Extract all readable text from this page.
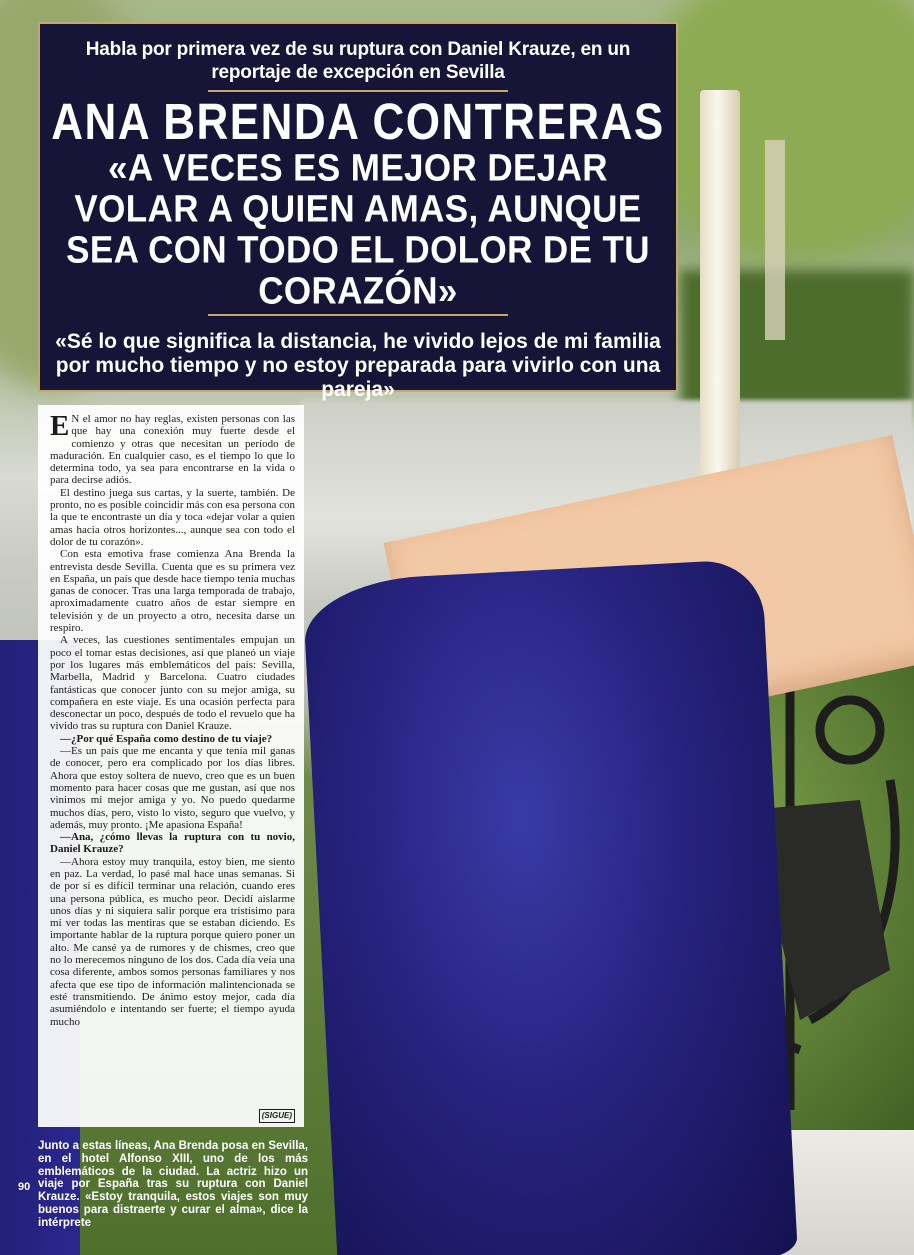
Habla por primera vez de su ruptura con Daniel Krauze, en un reportaje de excepción en Sevilla
ANA BRENDA CONTRERAS
«A VECES ES MEJOR DEJAR VOLAR A QUIEN AMAS, AUNQUE SEA CON TODO EL DOLOR DE TU CORAZÓN»
«Sé lo que significa la distancia, he vivido lejos de mi familia por mucho tiempo y no estoy preparada para vivirlo con una pareja»

E N el amor no hay reglas, existen personas con las que hay una conexión muy fuerte desde el comienzo y otras que necesitan un período de maduración. En cualquier caso, es el tiempo lo que lo determina todo, ya sea para encontrarse en la vida o para decirse adiós.

El destino juega sus cartas, y la suerte, también. De pronto, no es posible coincidir más con esa persona con la que te encontraste un día y toca «dejar volar a quien amas hacia otros horizontes..., aunque sea con todo el dolor de tu corazón».

Con esta emotiva frase comienza Ana Brenda la entrevista desde Sevilla. Cuenta que es su primera vez en España, un país que desde hace tiempo tenía muchas ganas de conocer. Tras una larga temporada de trabajo, aproximadamente cuatro años de estar siempre en televisión y de un proyecto a otro, necesita darse un respiro.

A veces, las cuestiones sentimentales empujan un poco el tomar estas decisiones, así que planeó un viaje por los lugares más emblemáticos del país: Sevilla, Marbella, Madrid y Barcelona. Cuatro ciudades fantásticas que conocer junto con su mejor amiga, su compañera en este viaje. Es una ocasión perfecta para desconectar un poco, después de todo el revuelo que ha vivido tras su ruptura con Daniel Krauze.

—¿Por qué España como destino de tu viaje?

—Es un país que me encanta y que tenía mil ganas de conocer, pero era complicado por los días libres. Ahora que estoy soltera de nuevo, creo que es un buen momento para hacer cosas que me gustan, así que nos vinimos mi mejor amiga y yo. No puedo quedarme muchos días, pero, visto lo visto, seguro que vuelvo, y además, muy pronto. ¡Me apasiona España!

—Ana, ¿cómo llevas la ruptura con tu novio, Daniel Krauze?

—Ahora estoy muy tranquila, estoy bien, me siento en paz. La verdad, lo pasé mal hace unas semanas. Si de por sí es difícil terminar una relación, cuando eres una persona pública, es mucho peor. Decidí aislarme unos días y ni siquiera salir porque era tristísimo para mí ver todas las mentiras que se estaban diciendo. Es importante hablar de la ruptura porque quiero poner un alto. Me cansé ya de rumores y de chismes, creo que no lo merecemos ninguno de los dos. Cada día veía una cosa diferente, ambos somos personas familiares y nos afecta que ese tipo de información malintencionada se esté transmitiendo. De ánimo estoy mejor, cada día asumiéndolo e intentando ser fuerte; el tiempo ayuda mucho

(SIGUE)
Junto a estas líneas, Ana Brenda posa en Sevilla, en el hotel Alfonso XIII, uno de los más emblemáticos de la ciudad. La actriz hizo un viaje por España tras su ruptura con Daniel Krauze. «Estoy tranquila, estos viajes son muy buenos para distraerte y curar el alma», dice la intérprete
90
